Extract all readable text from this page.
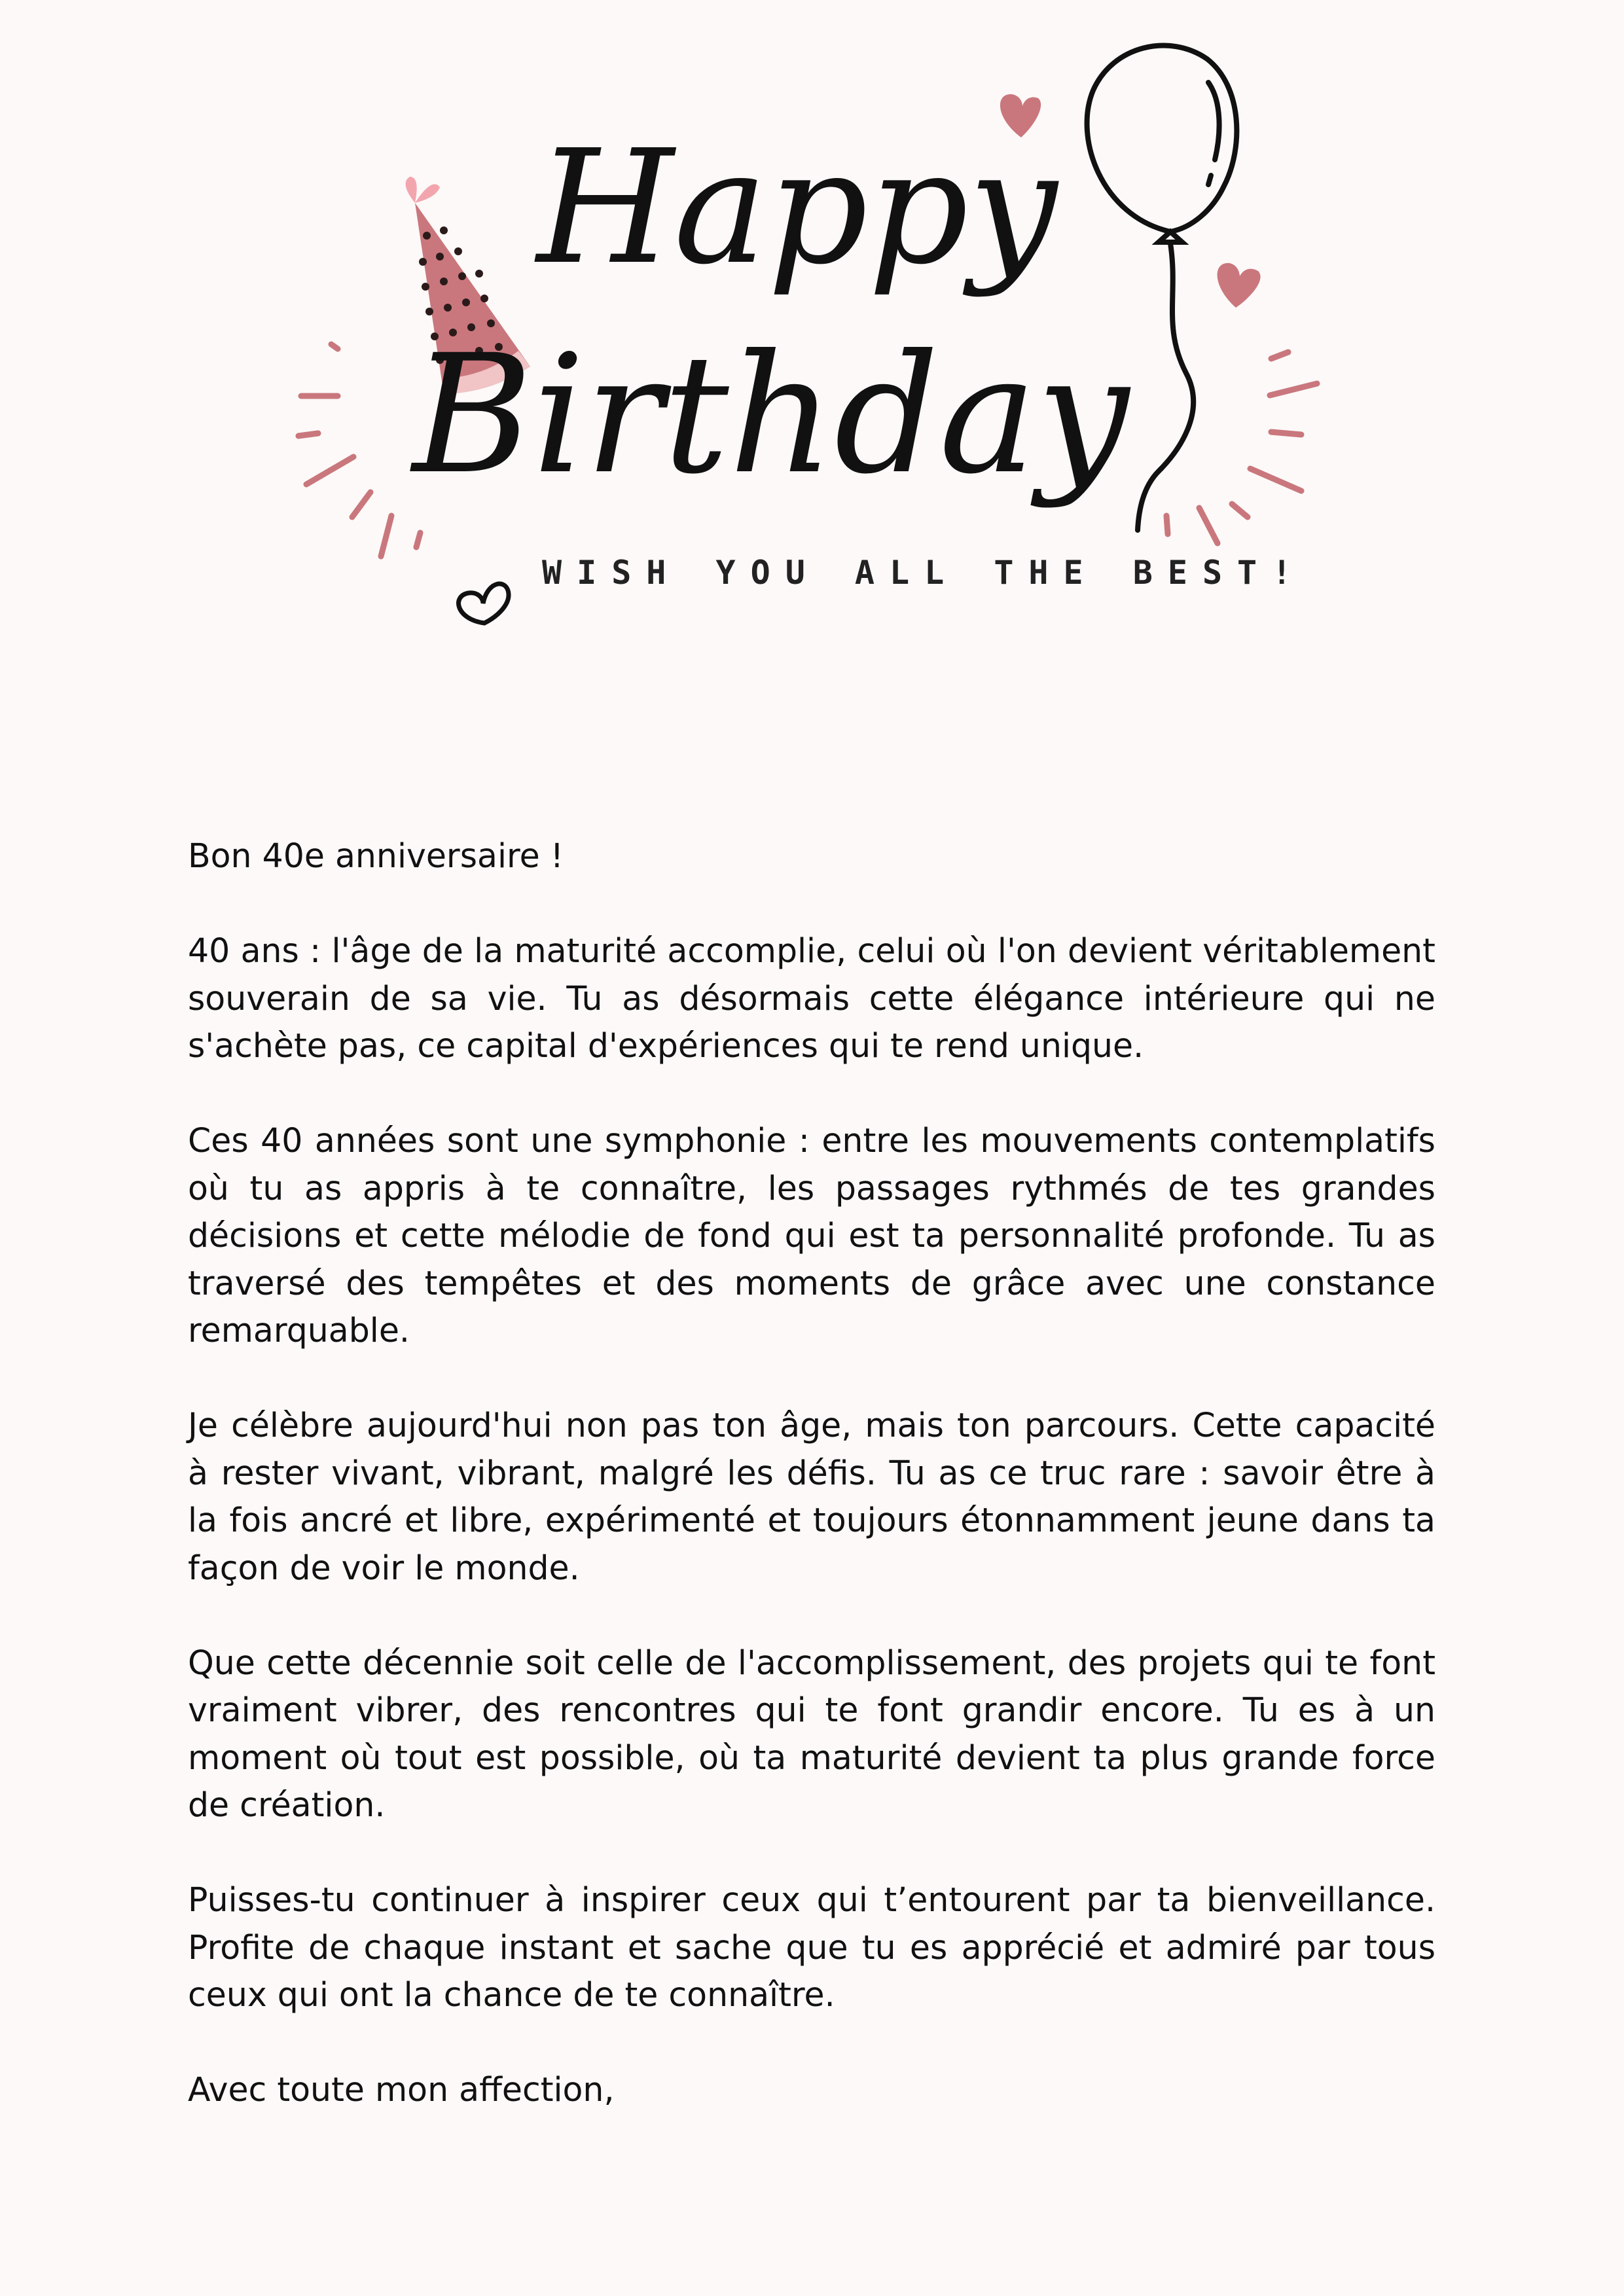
Happy
Birthday
WISH YOU ALL THE BEST!

Bon 40e anniversaire !

40 ans : l'âge de la maturité accomplie, celui où l'on devient véritablement souverain de sa vie. Tu as désormais cette élégance intérieure qui ne s'achète pas, ce capital d'expériences qui te rend unique.

Ces 40 années sont une symphonie : entre les mouvements contemplatifs où tu as appris à te connaître, les passages rythmés de tes grandes décisions et cette mélodie de fond qui est ta personnalité profonde. Tu as traversé des tempêtes et des moments de grâce avec une constance remarquable.

Je célèbre aujourd'hui non pas ton âge, mais ton parcours. Cette capacité à rester vivant, vibrant, malgré les défis. Tu as ce truc rare : savoir être à la fois ancré et libre, expérimenté et toujours étonnamment jeune dans ta façon de voir le monde.

Que cette décennie soit celle de l'accomplissement, des projets qui te font vraiment vibrer, des rencontres qui te font grandir encore. Tu es à un moment où tout est possible, où ta maturité devient ta plus grande force de création.

Puisses-tu continuer à inspirer ceux qui t’entourent par ta bienveillance. Profite de chaque instant et sache que tu es apprécié et admiré par tous ceux qui ont la chance de te connaître.

Avec toute mon affection,
